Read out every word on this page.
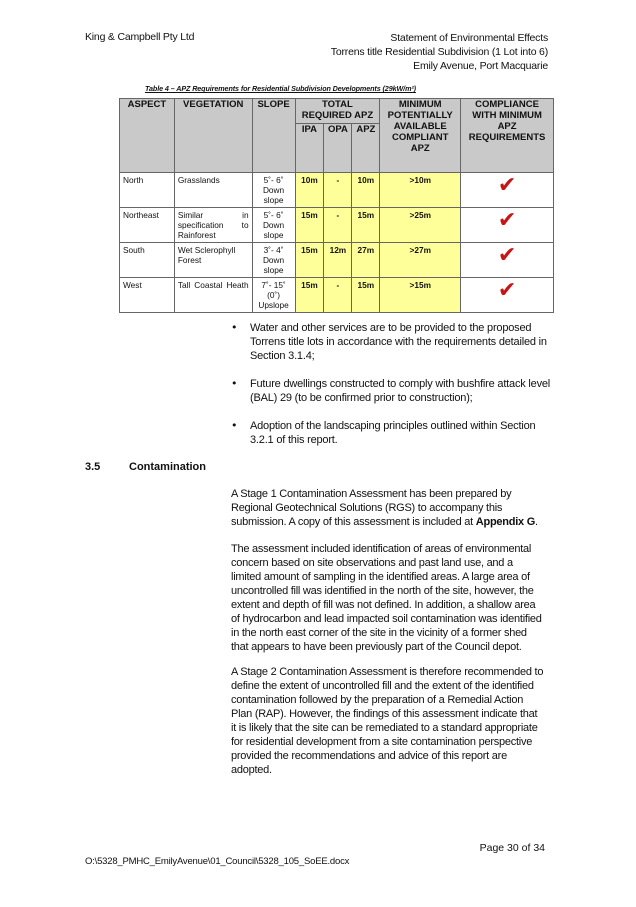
King & Campbell Pty Ltd	Statement of Environmental Effects
Torrens title Residential Subdivision (1 Lot into 6)
Emily Avenue, Port Macquarie
Table 4 – APZ Requirements for Residential Subdivision Developments (29kW/m²)
ASPECT	VEGETATION	SLOPE	TOTAL REQUIRED APZ			MINIMUM POTENTIALLY AVAILABLE COMPLIANT APZ	COMPLIANCE WITH MINIMUM APZ REQUIREMENTS
			IPA	OPA	APZ		
North	Grasslands	5˚- 6˚ Down slope	10m	-	10m	>10m	✔

Northeast	Similar in specification to Rainforest	5˚- 6˚ Down slope	15m	-	15m	>25m	✔

South	Wet Sclerophyll Forest	3˚- 4˚ Down slope	15m	12m	27m	>27m	✔

West	Tall Coastal Heath	7˚- 15˚ (0˚) Upslope	15m	-	15m	>15m	✔
• Water and other services are to be provided to the proposed Torrens title lots in accordance with the requirements detailed in Section 3.1.4;
• Future dwellings constructed to comply with bushfire attack level (BAL) 29 (to be confirmed prior to construction);
• Adoption of the landscaping principles outlined within Section 3.2.1 of this report.
3.5	Contamination
A Stage 1 Contamination Assessment has been prepared by Regional Geotechnical Solutions (RGS) to accompany this submission. A copy of this assessment is included at Appendix G.
The assessment included identification of areas of environmental concern based on site observations and past land use, and a limited amount of sampling in the identified areas. A large area of uncontrolled fill was identified in the north of the site, however, the extent and depth of fill was not defined. In addition, a shallow area of hydrocarbon and lead impacted soil contamination was identified in the north east corner of the site in the vicinity of a former shed that appears to have been previously part of the Council depot.
A Stage 2 Contamination Assessment is therefore recommended to define the extent of uncontrolled fill and the extent of the identified contamination followed by the preparation of a Remedial Action Plan (RAP). However, the findings of this assessment indicate that it is likely that the site can be remediated to a standard appropriate for residential development from a site contamination perspective provided the recommendations and advice of this report are adopted.
Page 30 of 34
O:\5328_PMHC_EmilyAvenue\01_Council\5328_105_SoEE.docx
